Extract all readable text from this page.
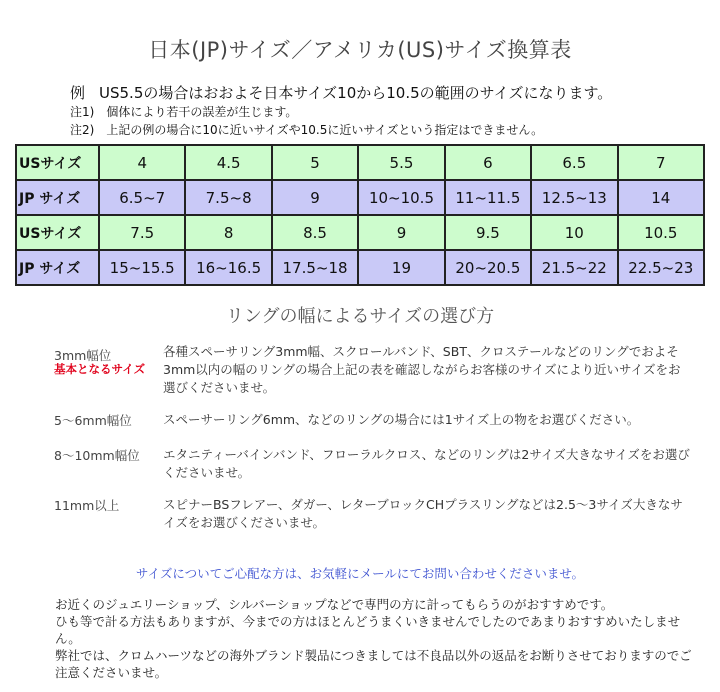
日本(JP)サイズ／アメリカ(US)サイズ換算表
例 US5.5の場合はおおよそ日本サイズ10から10.5の範囲のサイズになります。
注1)　個体により若干の誤差が生じます。
注2)　上記の例の場合に10に近いサイズや10.5に近いサイズという指定はできません。
USサイズ	4	4.5	5	5.5	6	6.5	7
JP サイズ	6.5~7	7.5~8	9	10~10.5	11~11.5	12.5~13	14
USサイズ	7.5	8	8.5	9	9.5	10	10.5
JP サイズ	15~15.5	16~16.5	17.5~18	19	20~20.5	21.5~22	22.5~23
リングの幅によるサイズの選び方
3mm幅位
基本となるサイズ
各種スペーサリング3mm幅、スクロールバンド、SBT、クロステールなどのリングでおよそ3mm以内の幅のリングの場合上記の表を確認しながらお客様のサイズにより近いサイズをお選びくださいませ。
5～6mm幅位 スペーサーリング6mm、などのリングの場合には1サイズ上の物をお選びください。
8～10mm幅位 エタニティーバインバンド、フローラルクロス、などのリングは2サイズ大きなサイズをお選びくださいませ。
11mm以上	スピナーBSフレアー、ダガー、レターブロックCHプラスリングなどは2.5～3サイズ大きなサイズをお選びくださいませ。
サイズについてご心配な方は、お気軽にメールにてお問い合わせくださいませ。

お近くのジュエリーショップ、シルバーショップなどで専門の方に計ってもらうのがおすすめです。

ひも等で計る方法もありますが、今までの方はほとんどうまくいきませんでしたのであまりおすすめいたしません。

弊社では、クロムハーツなどの海外ブランド製品につきましては不良品以外の返品をお断りさせておりますのでご注意くださいませ。
